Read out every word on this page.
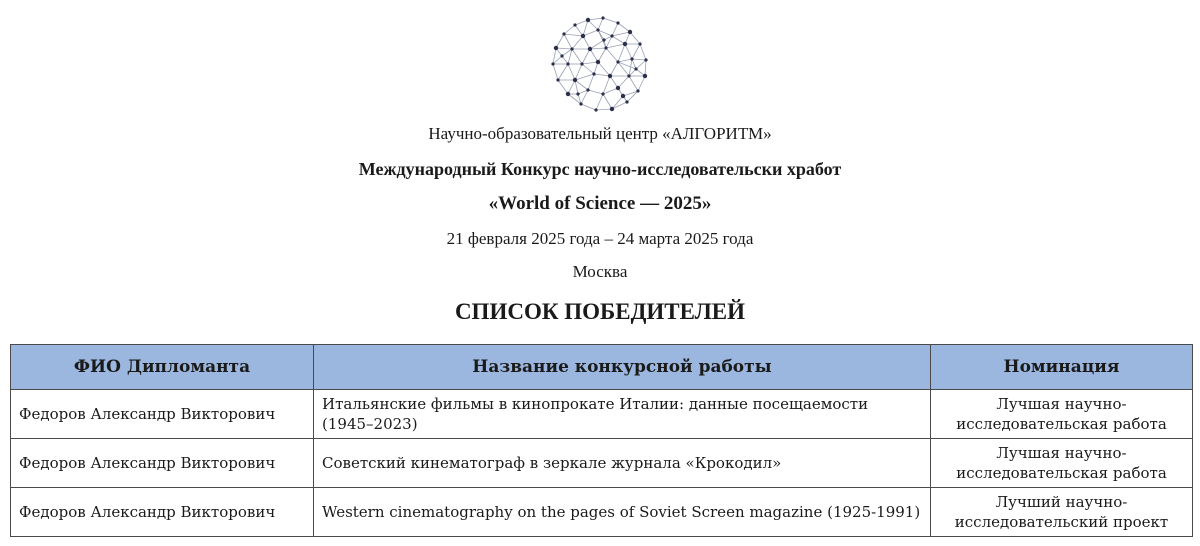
Научно-образовательный центр «АЛГОРИТМ»
Международный Конкурс научно-исследовательски хработ
«World of Science — 2025»
21 февраля 2025 года – 24 марта 2025 года
Москва
СПИСОК ПОБЕДИТЕЛЕЙ
ФИО Дипломанта	Название конкурсной работы	Номинация
Федоров Александр Викторович	Итальянские фильмы в кинопрокате Италии: данные посещаемости (1945–2023)	Лучшая научно-исследовательская работа
Федоров Александр Викторович	Советский кинематограф в зеркале журнала «Крокодил»	Лучшая научно-исследовательская работа
Федоров Александр Викторович	Western cinematography on the pages of Soviet Screen magazine (1925-1991)	Лучший научно-исследовательский проект
